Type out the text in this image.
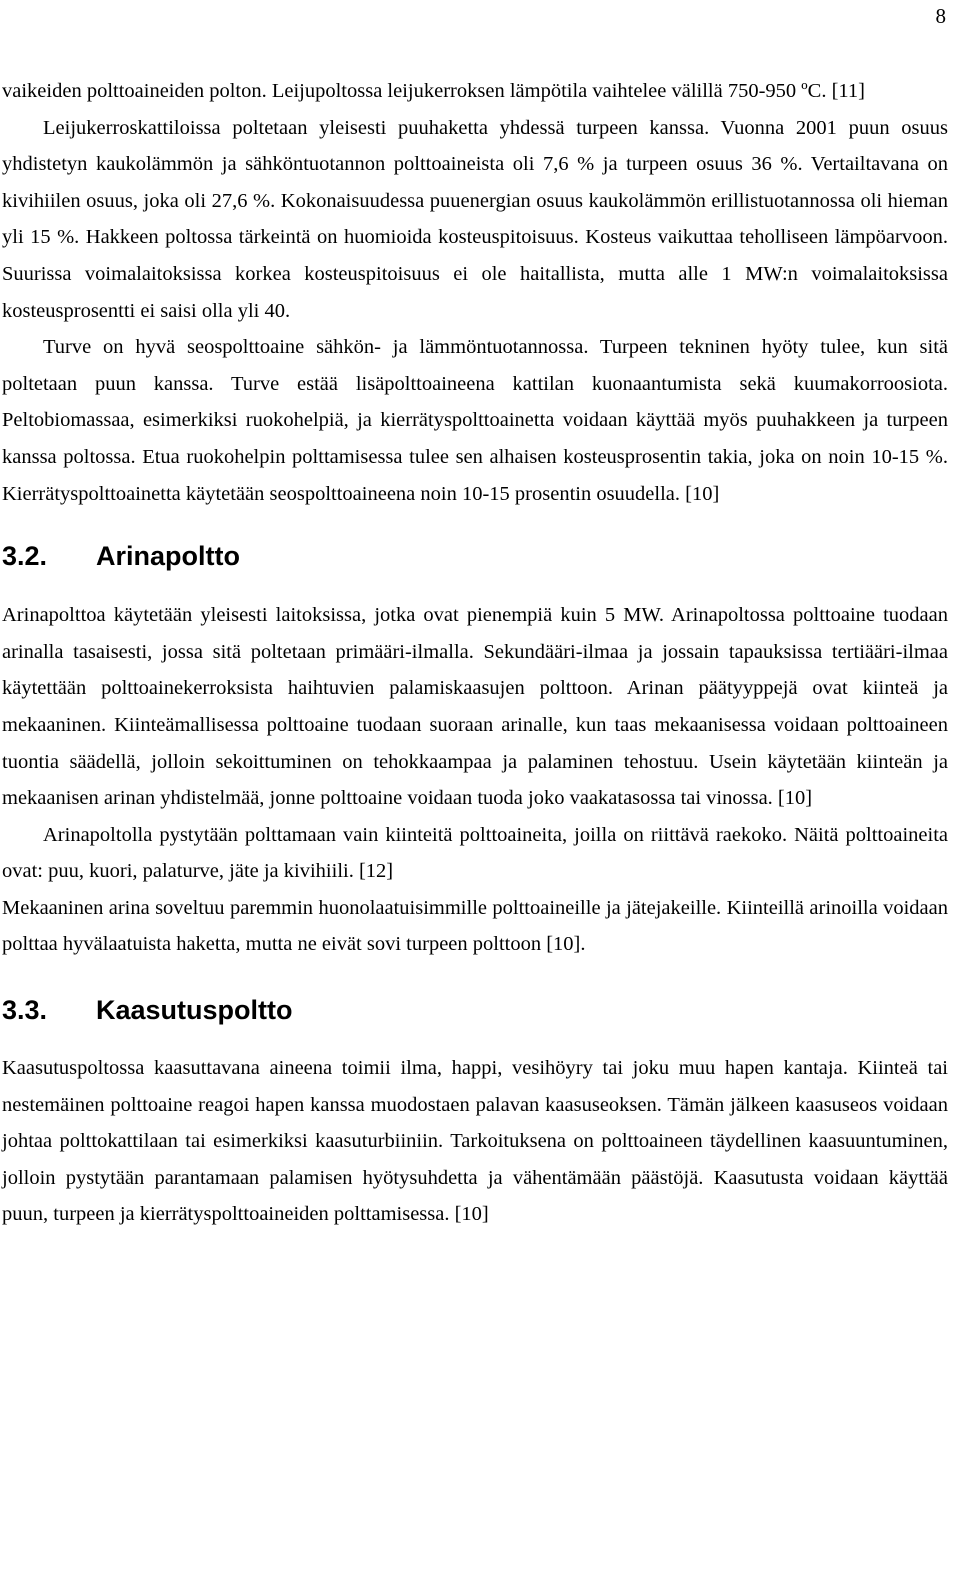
8

vaikeiden polttoaineiden polton. Leijupoltossa leijukerroksen lämpötila vaihtelee välillä 750-950 ºC. [11]

Leijukerroskattiloissa poltetaan yleisesti puuhaketta yhdessä turpeen kanssa. Vuonna 2001 puun osuus yhdistetyn kaukolämmön ja sähköntuotannon polttoaineista oli 7,6 % ja turpeen osuus 36 %. Vertailtavana on kivihiilen osuus, joka oli 27,6 %. Kokonaisuudessa puuenergian osuus kaukolämmön erillistuotannossa oli hieman yli 15 %. Hakkeen poltossa tärkeintä on huomioida kosteuspitoisuus. Kosteus vaikuttaa teholliseen lämpöarvoon. Suurissa voimalaitoksissa korkea kosteuspitoisuus ei ole haitallista, mutta alle 1 MW:n voimalaitoksissa kosteusprosentti ei saisi olla yli 40.

Turve on hyvä seospolttoaine sähkön- ja lämmöntuotannossa. Turpeen tekninen hyöty tulee, kun sitä poltetaan puun kanssa. Turve estää lisäpolttoaineena kattilan kuonaantumista sekä kuumakorroosiota. Peltobiomassaa, esimerkiksi ruokohelpiä, ja kierrätyspolttoainetta voidaan käyttää myös puuhakkeen ja turpeen kanssa poltossa. Etua ruokohelpin polttamisessa tulee sen alhaisen kosteusprosentin takia, joka on noin 10-15 %. Kierrätyspolttoainetta käytetään seospolttoaineena noin 10-15 prosentin osuudella. [10]

3.2.	Arinapoltto

Arinapolttoa käytetään yleisesti laitoksissa, jotka ovat pienempiä kuin 5 MW. Arinapoltossa polttoaine tuodaan arinalla tasaisesti, jossa sitä poltetaan primääri-ilmalla. Sekundääri-ilmaa ja jossain tapauksissa tertiääri-ilmaa käytettään polttoainekerroksista haihtuvien palamiskaasujen polttoon. Arinan päätyyppejä ovat kiinteä ja mekaaninen. Kiinteämallisessa polttoaine tuodaan suoraan arinalle, kun taas mekaanisessa voidaan polttoaineen tuontia säädellä, jolloin sekoittuminen on tehokkaampaa ja palaminen tehostuu. Usein käytetään kiinteän ja mekaanisen arinan yhdistelmää, jonne polttoaine voidaan tuoda joko vaakatasossa tai vinossa. [10]

Arinapoltolla pystytään polttamaan vain kiinteitä polttoaineita, joilla on riittävä raekoko. Näitä polttoaineita ovat: puu, kuori, palaturve, jäte ja kivihiili. [12]

Mekaaninen arina soveltuu paremmin huonolaatuisimmille polttoaineille ja jätejakeille. Kiinteillä arinoilla voidaan polttaa hyvälaatuista haketta, mutta ne eivät sovi turpeen polttoon [10].

3.3.	Kaasutuspoltto

Kaasutuspoltossa kaasuttavana aineena toimii ilma, happi, vesihöyry tai joku muu hapen kantaja. Kiinteä tai nestemäinen polttoaine reagoi hapen kanssa muodostaen palavan kaasuseoksen. Tämän jälkeen kaasuseos voidaan johtaa polttokattilaan tai esimerkiksi kaasuturbiiniin. Tarkoituksena on polttoaineen täydellinen kaasuuntuminen, jolloin pystytään parantamaan palamisen hyötysuhdetta ja vähentämään päästöjä. Kaasutusta voidaan käyttää puun, turpeen ja kierrätyspolttoaineiden polttamisessa. [10]
